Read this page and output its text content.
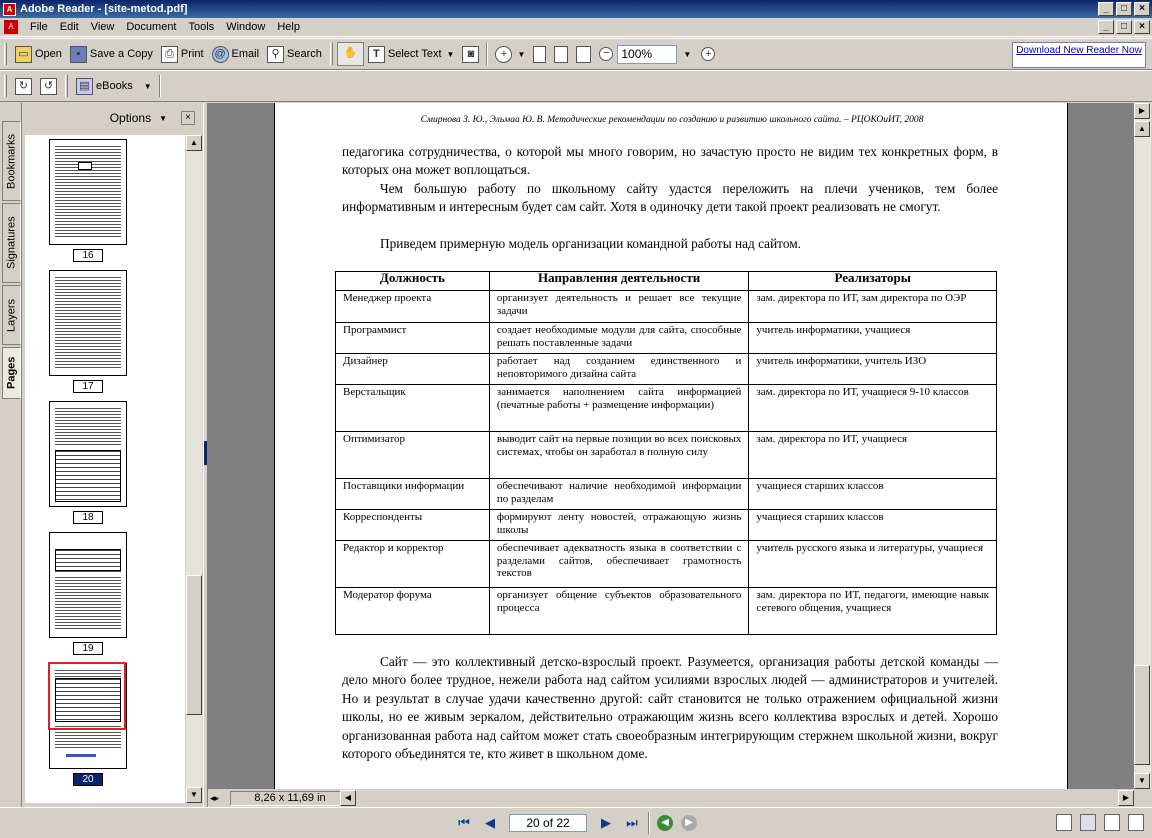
A Adobe Reader - [site-metod.pdf]	_	□	×
A	File	Edit	View	Document	Tools	Window	Help	_	□	×
▭ Open	▪ Save a Copy	⎙ Print @ Email	⚲ Search ✋	T Select Text ▼	◙	+	▼	− 100%	▼	+	Download New Reader Now
↻	↺	▤ eBooks ▼
Bookmarks
Signatures
Layers
Pages
Options ▼	×
16
17
18
19
20
▲
▼
Смирнова З. Ю., Эльмаа Ю. В. Методические рекомендации по созданию и развитию школьного сайта. – РЦОКОиИТ, 2008
педагогика сотрудничества, о которой мы много говорим, но зачастую просто не видим тех конкретных форм, в которых она может воплощаться.
Чем большую работу по школьному сайту удастся переложить на плечи учеников, тем более информативным и интересным будет сам сайт. Хотя в одиночку дети такой проект реализовать не смогут.
Приведем примерную модель организации командной работы над сайтом.
Должность	Направления деятельности	Реализаторы
Менеджер проекта	организует деятельность и решает все текущие задачи	зам. директора по ИТ, зам директора по ОЭР
Программист	создает необходимые модули для сайта, способные решать поставленные задачи	учитель информатики, учащиеся
Дизайнер	работает над созданием единственного и неповторимого дизайна сайта	учитель информатики, учитель ИЗО
Верстальщик	занимается наполнением сайта информацией (печатные работы + размещение информации)	зам. директора по ИТ, учащиеся 9-10 классов
Оптимизатор	выводит сайт на первые позиции во всех поисковых системах, чтобы он заработал в полную силу	зам. директора по ИТ, учащиеся
Поставщики информации	обеспечивают наличие необходимой информации по разделам	учащиеся старших классов
Корреспонденты	формируют ленту новостей, отражающую жизнь школы	учащиеся старших классов
Редактор и корректор	обеспечивает адекватность языка в соответствии с разделами сайтов, обеспечивает грамотность текстов	учитель русского языка и литературы, учащиеся
Модератор форума	организует общение субъектов образовательного процесса	зам. директора по ИТ, педагоги, имеющие навык сетевого общения, учащиеся
Сайт — это коллективный детско-взрослый проект. Разумеется, организация работы детской команды — дело много более трудное, нежели работа над сайтом усилиями взрослых людей — администраторов и учителей. Но и результат в случае удачи качественно другой: сайт становится не только отражением официальной жизни школы, но ее живым зеркалом, действительно отражающим жизнь всего коллектива взрослых и детей. Хорошо организованная работа над сайтом может стать своеобразным интегрирующим стержнем школьной жизни, вокруг которого объединятся те, кто живет в школьном доме.
▶
▲
▼
◂▸	8,26 x 11,69 in	◀	▶
⏮	◀	20 of 22	▶	⏭	◀	▶
